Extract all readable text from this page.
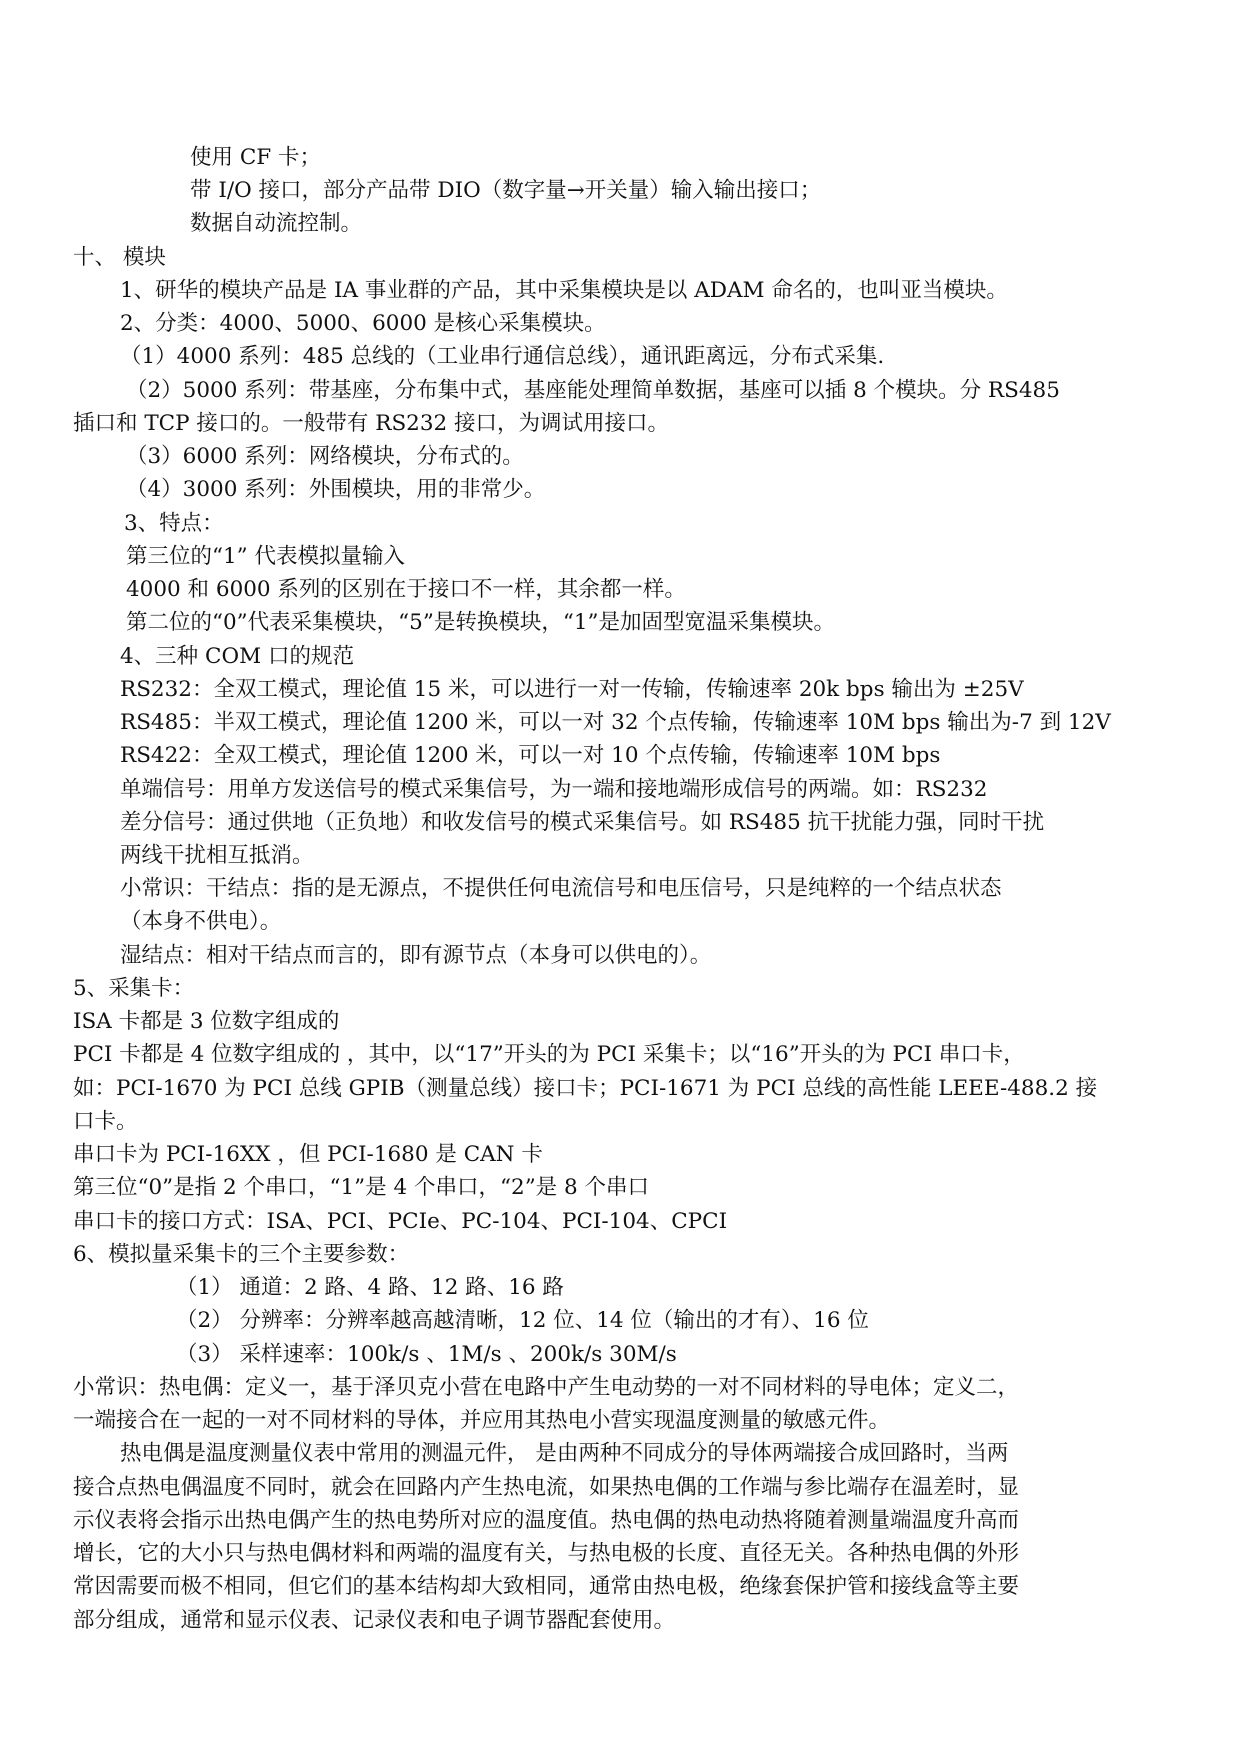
使用 CF 卡；
带 I/O 接口，部分产品带 DIO（数字量→开关量）输入输出接口；
数据自动流控制。
十、 模块
1、研华的模块产品是 IA 事业群的产品，其中采集模块是以 ADAM 命名的，也叫亚当模块。
2、分类：4000、5000、6000 是核心采集模块。
（1）4000 系列：485 总线的（工业串行通信总线），通讯距离远，分布式采集.
（2）5000 系列：带基座，分布集中式，基座能处理简单数据，基座可以插 8 个模块。分 RS485
插口和 TCP 接口的。一般带有 RS232 接口，为调试用接口。
（3）6000 系列：网络模块，分布式的。
（4）3000 系列：外围模块，用的非常少。
3、特点：
第三位的“1” 代表模拟量输入
4000 和 6000 系列的区别在于接口不一样，其余都一样。
第二位的“0”代表采集模块，“5”是转换模块，“1”是加固型宽温采集模块。
4、三种 COM 口的规范
RS232：全双工模式，理论值 15 米，可以进行一对一传输，传输速率 20k bps 输出为 ±25V
RS485：半双工模式，理论值 1200 米，可以一对 32 个点传输，传输速率 10M bps 输出为-7 到 12V
RS422：全双工模式，理论值 1200 米，可以一对 10 个点传输，传输速率 10M bps
单端信号：用单方发送信号的模式采集信号，为一端和接地端形成信号的两端。如：RS232
差分信号：通过供地（正负地）和收发信号的模式采集信号。如 RS485 抗干扰能力强，同时干扰
两线干扰相互抵消。
小常识：干结点：指的是无源点，不提供任何电流信号和电压信号，只是纯粹的一个结点状态
（本身不供电）。
湿结点：相对干结点而言的，即有源节点（本身可以供电的）。
5、采集卡：
ISA 卡都是 3 位数字组成的
PCI 卡都是 4 位数字组成的 ，其中，以“17”开头的为 PCI 采集卡；以“16”开头的为 PCI 串口卡，
如：PCI-1670 为 PCI 总线 GPIB（测量总线）接口卡；PCI-1671 为 PCI 总线的高性能 LEEE-488.2 接
口卡。
串口卡为 PCI-16XX ，但 PCI-1680 是 CAN 卡
第三位“0”是指 2 个串口，“1”是 4 个串口，“2”是 8 个串口
串口卡的接口方式：ISA、PCI、PCIe、PC-104、PCI-104、CPCI
6、模拟量采集卡的三个主要参数：
（1） 通道：2 路、4 路、12 路、16 路
（2） 分辨率：分辨率越高越清晰，12 位、14 位（输出的才有）、16 位
（3） 采样速率：100k/s 、1M/s 、200k/s 30M/s
小常识：热电偶：定义一，基于泽贝克小营在电路中产生电动势的一对不同材料的导电体；定义二，
一端接合在一起的一对不同材料的导体，并应用其热电小营实现温度测量的敏感元件。
热电偶是温度测量仪表中常用的测温元件， 是由两种不同成分的导体两端接合成回路时，当两
接合点热电偶温度不同时，就会在回路内产生热电流，如果热电偶的工作端与参比端存在温差时，显
示仪表将会指示出热电偶产生的热电势所对应的温度值。热电偶的热电动热将随着测量端温度升高而
增长，它的大小只与热电偶材料和两端的温度有关，与热电极的长度、直径无关。各种热电偶的外形
常因需要而极不相同，但它们的基本结构却大致相同，通常由热电极，绝缘套保护管和接线盒等主要
部分组成，通常和显示仪表、记录仪表和电子调节器配套使用。
